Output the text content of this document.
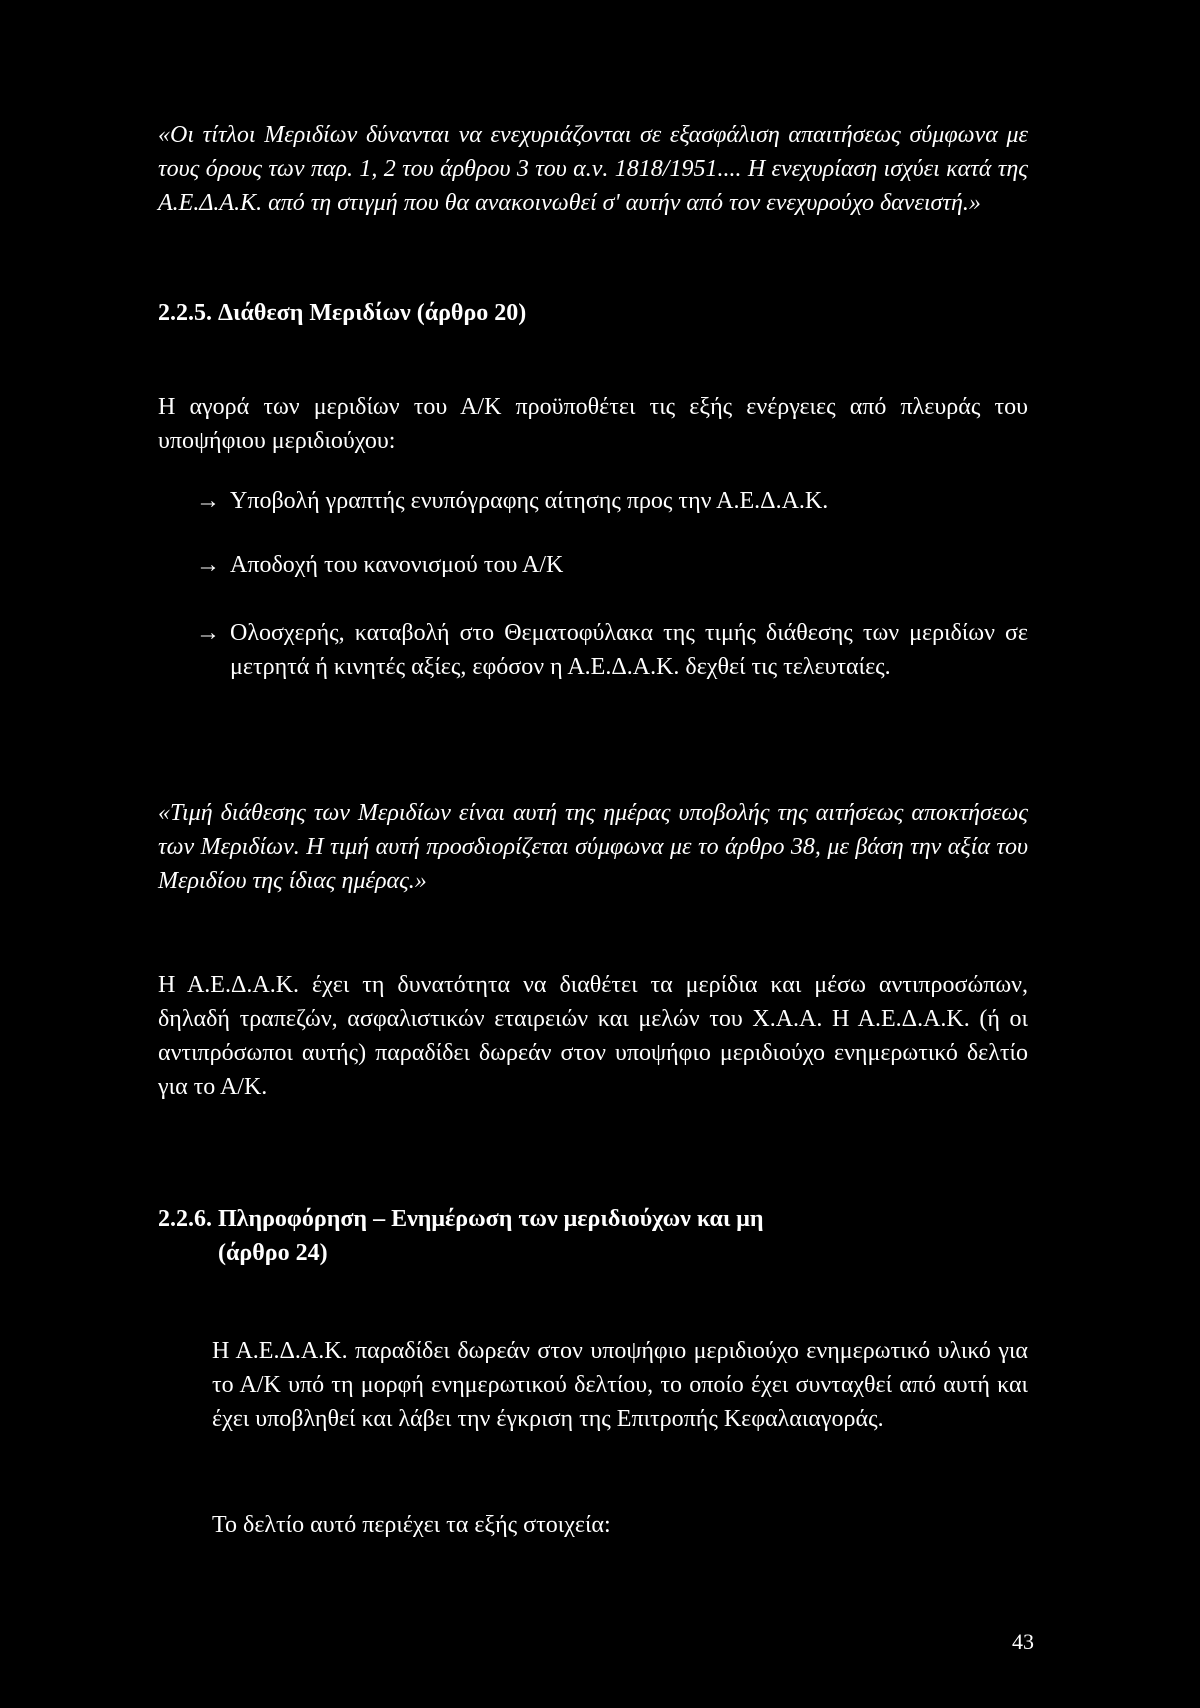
«Οι τίτλοι Μεριδίων δύνανται να ενεχυριάζονται σε εξασφάλιση απαιτήσεως σύμφωνα με τους όρους των παρ. 1, 2 του άρθρου 3 του α.ν. 1818/1951.... Η ενεχυρίαση ισχύει κατά της Α.Ε.Δ.Α.Κ. από τη στιγμή που θα ανακοινωθεί σ' αυτήν από τον ενεχυρούχο δανειστή.»
2.2.5. Διάθεση Μεριδίων (άρθρο 20)
Η αγορά των μεριδίων του Α/Κ προϋποθέτει τις εξής ενέργειες από πλευράς του υποψήφιου μεριδιούχου:
→ Υποβολή γραπτής ενυπόγραφης αίτησης προς την Α.Ε.Δ.Α.Κ.
→ Αποδοχή του κανονισμού του Α/Κ
→ Ολοσχερής, καταβολή στο Θεματοφύλακα της τιμής διάθεσης των μεριδίων σε μετρητά ή κινητές αξίες, εφόσον η Α.Ε.Δ.Α.Κ. δεχθεί τις τελευταίες.
«Τιμή διάθεσης των Μεριδίων είναι αυτή της ημέρας υποβολής της αιτήσεως αποκτήσεως των Μεριδίων. Η τιμή αυτή προσδιορίζεται σύμφωνα με το άρθρο 38, με βάση την αξία του Μεριδίου της ίδιας ημέρας.»
Η Α.Ε.Δ.Α.Κ. έχει τη δυνατότητα να διαθέτει τα μερίδια και μέσω αντιπροσώπων, δηλαδή τραπεζών, ασφαλιστικών εταιρειών και μελών του Χ.Α.Α. Η Α.Ε.Δ.Α.Κ. (ή οι αντιπρόσωποι αυτής) παραδίδει δωρεάν στον υποψήφιο μεριδιούχο ενημερωτικό δελτίο για το Α/Κ.
2.2.6. Πληροφόρηση – Ενημέρωση των μεριδιούχων και μη
(άρθρο 24)
Η Α.Ε.Δ.Α.Κ. παραδίδει δωρεάν στον υποψήφιο μεριδιούχο ενημερωτικό υλικό για το Α/Κ υπό τη μορφή ενημερωτικού δελτίου, το οποίο έχει συνταχθεί από αυτή και έχει υποβληθεί και λάβει την έγκριση της Επιτροπής Κεφαλαιαγοράς.
Το δελτίο αυτό περιέχει τα εξής στοιχεία:
43
